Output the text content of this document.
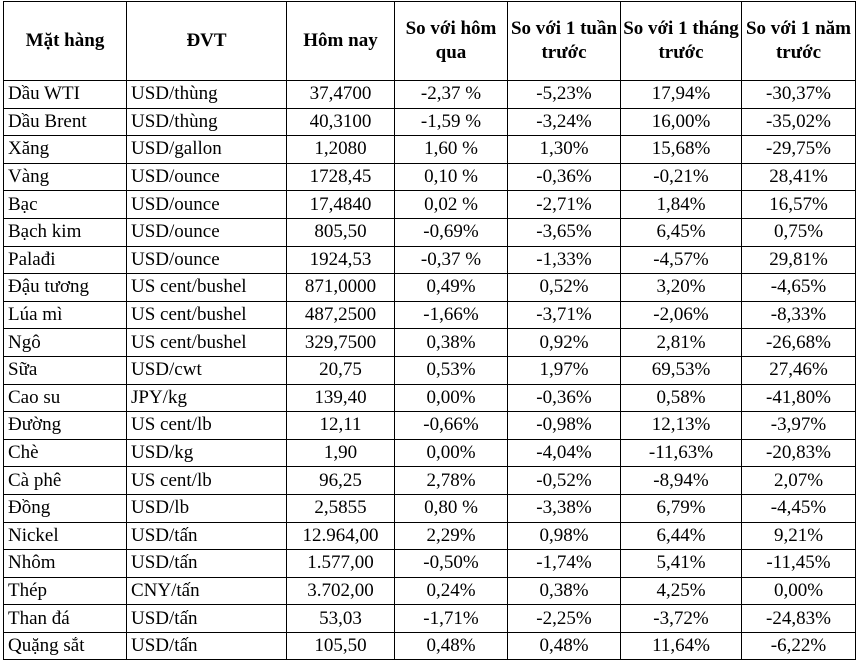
Mặt hàng	ĐVT	Hôm nay	So với hôm qua	So với 1 tuần trước	So với 1 tháng trước	So với 1 năm trước
Dầu WTI	USD/thùng	37,4700	-2,37 %	-5,23%	17,94%	-30,37%
Dầu Brent	USD/thùng	40,3100	-1,59 %	-3,24%	16,00%	-35,02%
Xăng	USD/gallon	1,2080	1,60 %	1,30%	15,68%	-29,75%
Vàng	USD/ounce	1728,45	0,10 %	-0,36%	-0,21%	28,41%
Bạc	USD/ounce	17,4840	0,02 %	-2,71%	1,84%	16,57%
Bạch kim	USD/ounce	805,50	-0,69%	-3,65%	6,45%	0,75%
Palađi	USD/ounce	1924,53	-0,37 %	-1,33%	-4,57%	29,81%
Đậu tương	US cent/bushel	871,0000	0,49%	0,52%	3,20%	-4,65%
Lúa mì	US cent/bushel	487,2500	-1,66%	-3,71%	-2,06%	-8,33%
Ngô	US cent/bushel	329,7500	0,38%	0,92%	2,81%	-26,68%
Sữa	USD/cwt	20,75	0,53%	1,97%	69,53%	27,46%
Cao su	JPY/kg	139,40	0,00%	-0,36%	0,58%	-41,80%
Đường	US cent/lb	12,11	-0,66%	-0,98%	12,13%	-3,97%
Chè	USD/kg	1,90	0,00%	-4,04%	-11,63%	-20,83%
Cà phê	US cent/lb	96,25	2,78%	-0,52%	-8,94%	2,07%
Đồng	USD/lb	2,5855	0,80 %	-3,38%	6,79%	-4,45%
Nickel	USD/tấn	12.964,00	2,29%	0,98%	6,44%	9,21%
Nhôm	USD/tấn	1.577,00	-0,50%	-1,74%	5,41%	-11,45%
Thép	CNY/tấn	3.702,00	0,24%	0,38%	4,25%	0,00%
Than đá	USD/tấn	53,03	-1,71%	-2,25%	-3,72%	-24,83%
Quặng sắt	USD/tấn	105,50	0,48%	0,48%	11,64%	-6,22%
